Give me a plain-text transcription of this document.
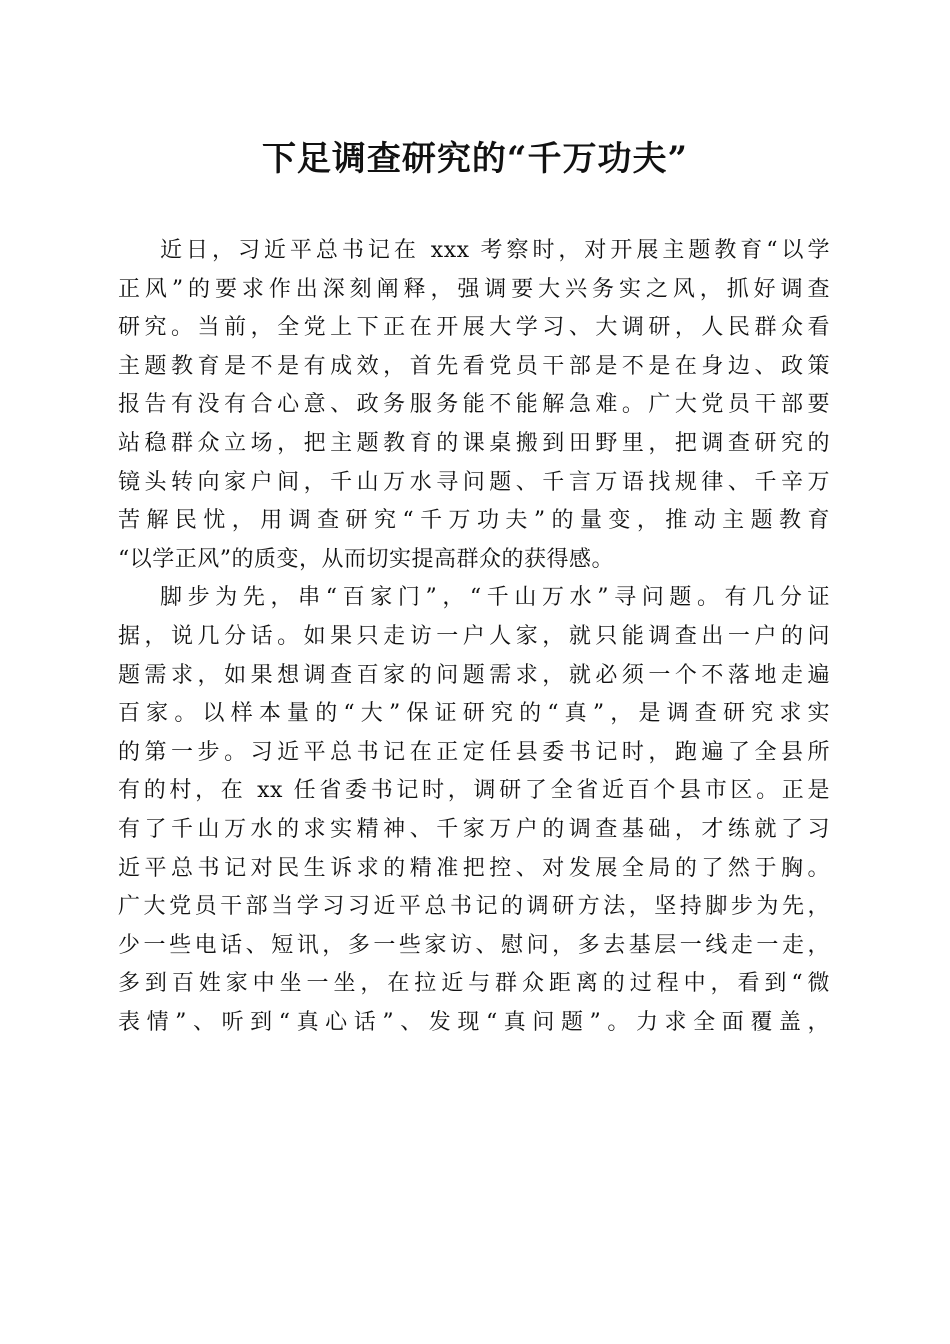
下足调查研究的“千万功夫”
近日，习近平总书记在 xxx 考察时，对开展主题教育“以学
正风”的要求作出深刻阐释，强调要大兴务实之风，抓好调查
研究。当前，全党上下正在开展大学习、大调研，人民群众看
主题教育是不是有成效，首先看党员干部是不是在身边、政策
报告有没有合心意、政务服务能不能解急难。广大党员干部要
站稳群众立场，把主题教育的课桌搬到田野里，把调查研究的
镜头转向家户间，千山万水寻问题、千言万语找规律、千辛万
苦解民忧，用调查研究“千万功夫”的量变，推动主题教育
“以学正风”的质变，从而切实提高群众的获得感。
脚步为先，串“百家门”，“千山万水”寻问题。有几分证
据，说几分话。如果只走访一户人家，就只能调查出一户的问
题需求，如果想调查百家的问题需求，就必须一个不落地走遍
百家。以样本量的“大”保证研究的“真”，是调查研究求实
的第一步。习近平总书记在正定任县委书记时，跑遍了全县所
有的村，在 xx 任省委书记时，调研了全省近百个县市区。正是
有了千山万水的求实精神、千家万户的调查基础，才练就了习
近平总书记对民生诉求的精准把控、对发展全局的了然于胸。
广大党员干部当学习习近平总书记的调研方法，坚持脚步为先，
少一些电话、短讯，多一些家访、慰问，多去基层一线走一走，
多到百姓家中坐一坐，在拉近与群众距离的过程中，看到“微
表情”、听到“真心话”、发现“真问题”。力求全面覆盖，
